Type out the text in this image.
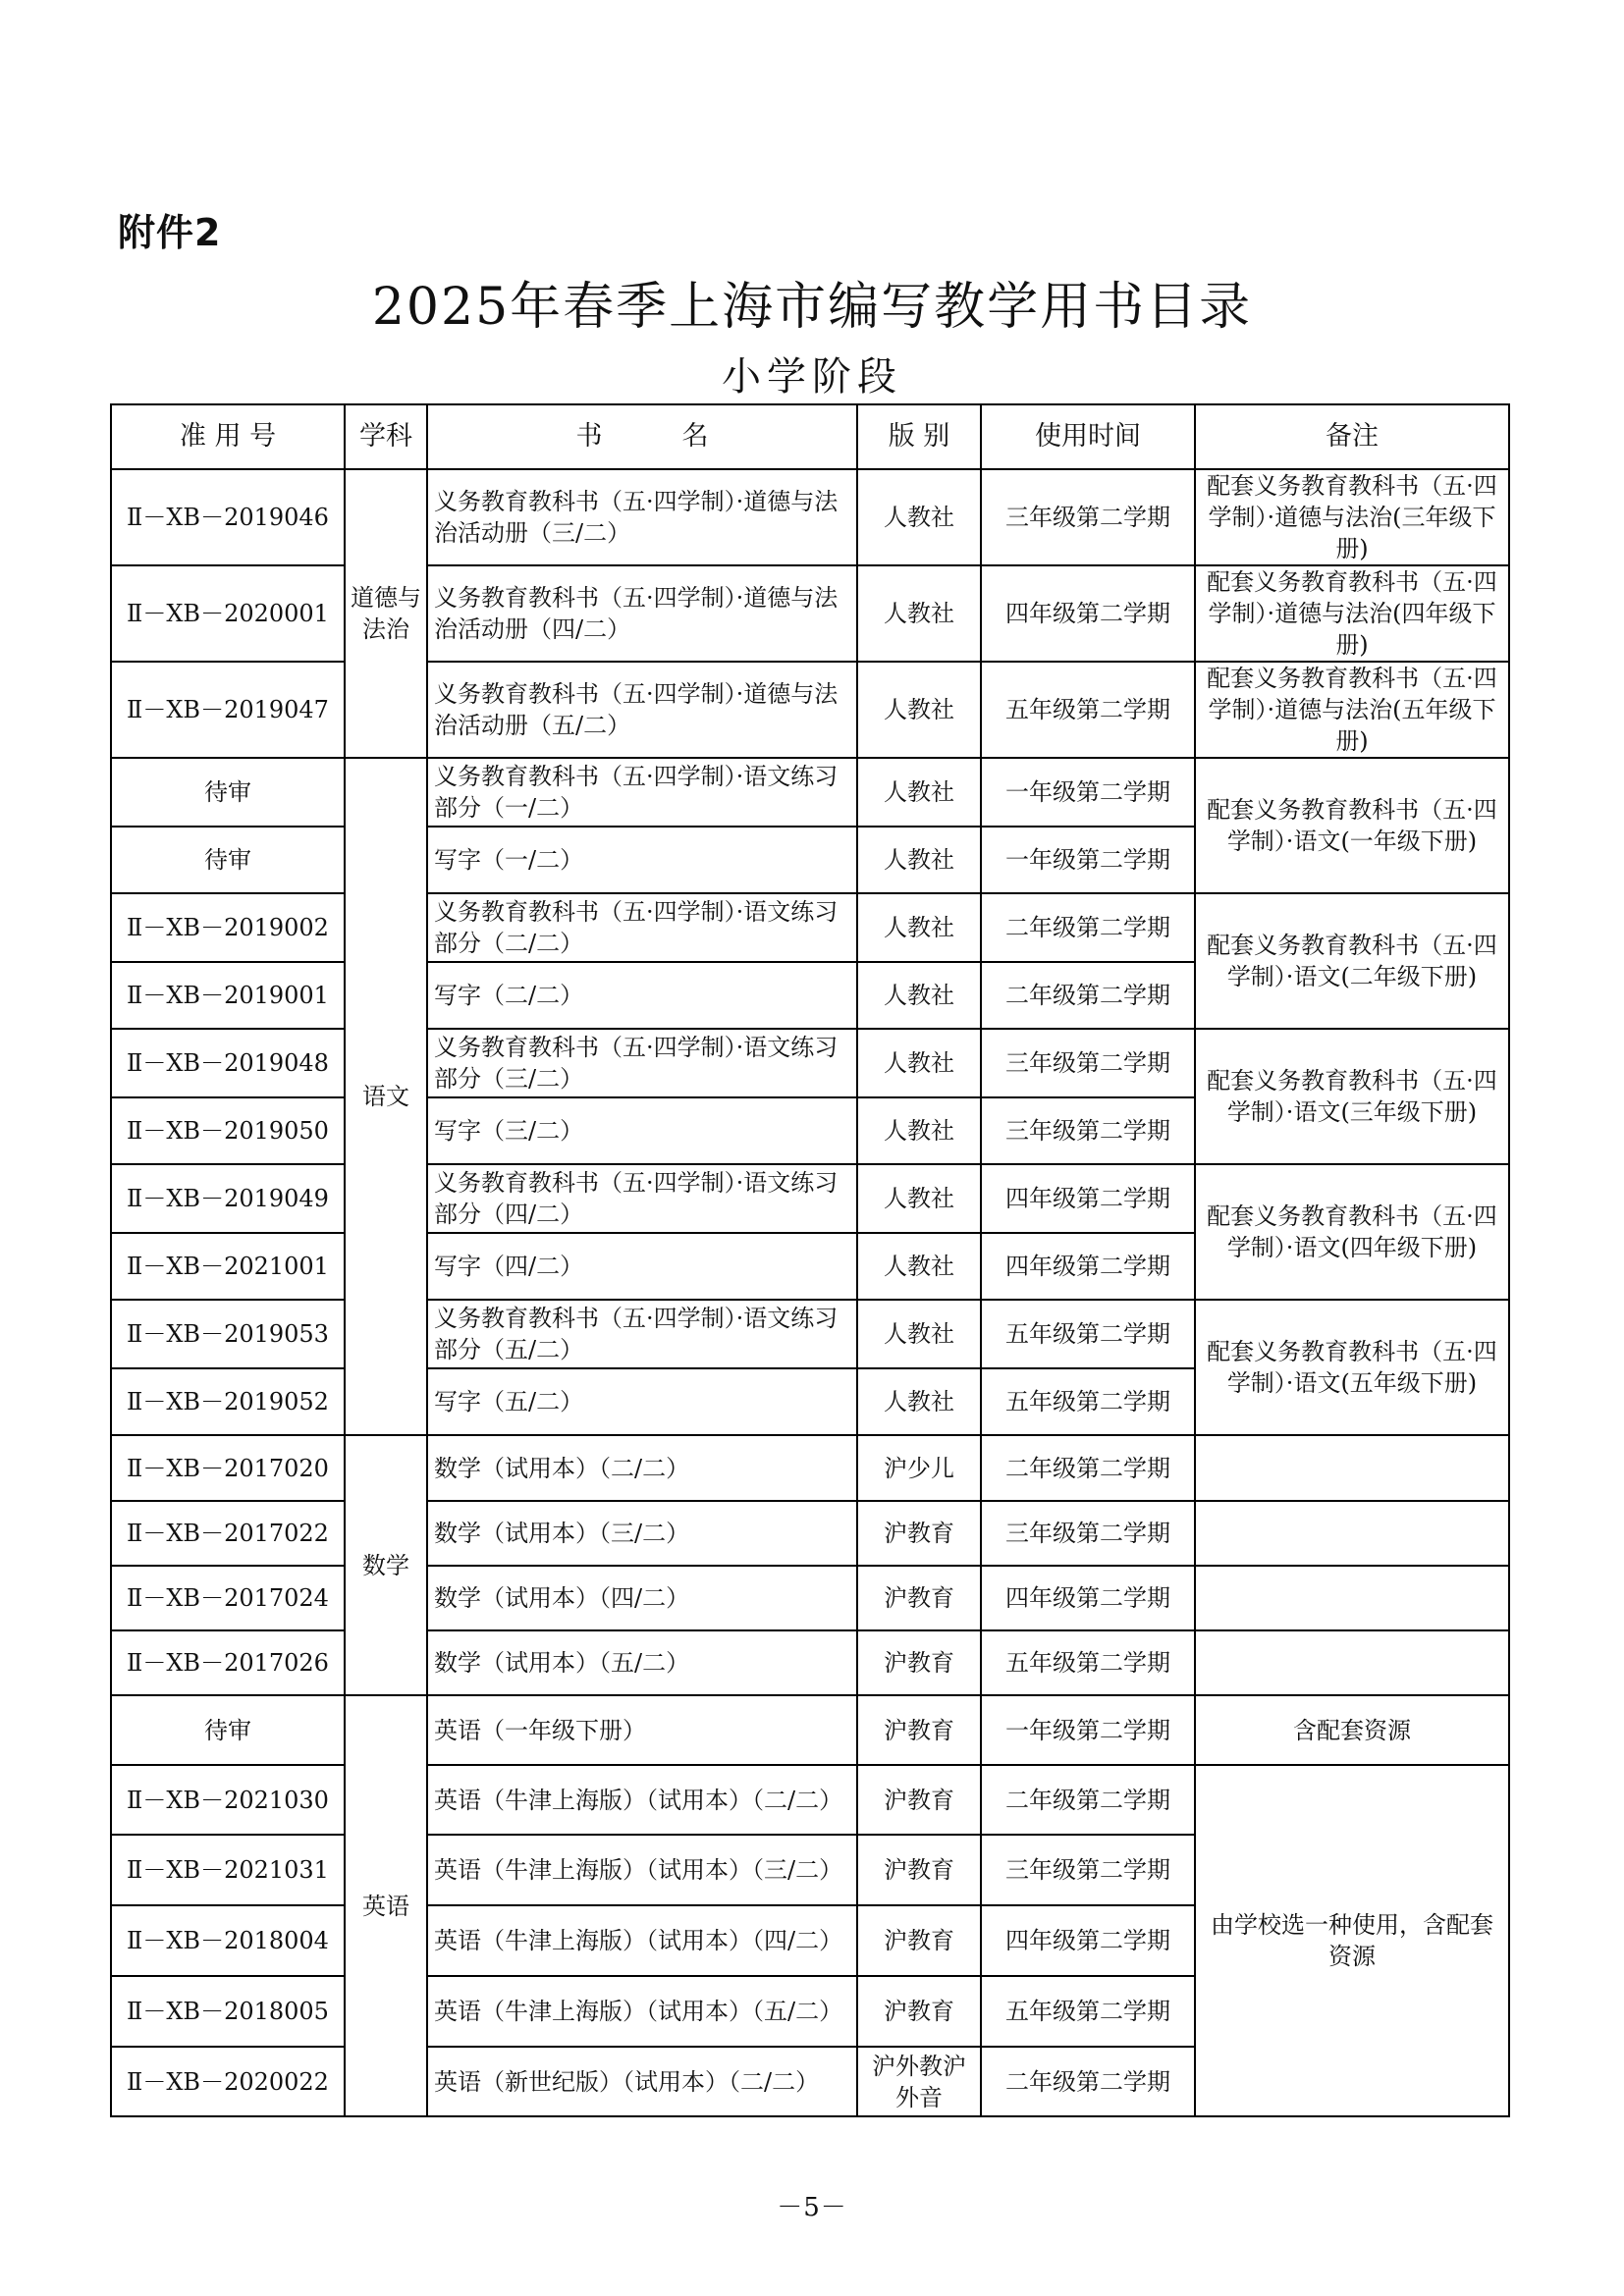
附件2
2025年春季上海市编写教学用书目录
小学阶段
准 用 号	学科	书　　　名	版 别	使用时间	备注
Ⅱ－XB－2019046	道德与法治	义务教育教科书（五·四学制）·道德与法治活动册（三/二）	人教社	三年级第二学期	配套义务教育教科书（五·四学制）·道德与法治(三年级下册)
Ⅱ－XB－2020001		义务教育教科书（五·四学制）·道德与法治活动册（四/二）	人教社	四年级第二学期	配套义务教育教科书（五·四学制）·道德与法治(四年级下册)
Ⅱ－XB－2019047		义务教育教科书（五·四学制）·道德与法治活动册（五/二）	人教社	五年级第二学期	配套义务教育教科书（五·四学制）·道德与法治(五年级下册)
待审	语文	义务教育教科书（五·四学制）·语文练习部分（一/二）	人教社	一年级第二学期	配套义务教育教科书（五·四学制）·语文(一年级下册)
待审		写字（一/二）	人教社	一年级第二学期	
Ⅱ－XB－2019002		义务教育教科书（五·四学制）·语文练习部分（二/二）	人教社	二年级第二学期	配套义务教育教科书（五·四学制）·语文(二年级下册)
Ⅱ－XB－2019001		写字（二/二）	人教社	二年级第二学期	
Ⅱ－XB－2019048		义务教育教科书（五·四学制）·语文练习部分（三/二）	人教社	三年级第二学期	配套义务教育教科书（五·四学制）·语文(三年级下册)
Ⅱ－XB－2019050		写字（三/二）	人教社	三年级第二学期	
Ⅱ－XB－2019049		义务教育教科书（五·四学制）·语文练习部分（四/二）	人教社	四年级第二学期	配套义务教育教科书（五·四学制）·语文(四年级下册)
Ⅱ－XB－2021001		写字（四/二）	人教社	四年级第二学期	
Ⅱ－XB－2019053		义务教育教科书（五·四学制）·语文练习部分（五/二）	人教社	五年级第二学期	配套义务教育教科书（五·四学制）·语文(五年级下册)
Ⅱ－XB－2019052		写字（五/二）	人教社	五年级第二学期	
Ⅱ－XB－2017020	数学	数学（试用本）（二/二）	沪少儿	二年级第二学期	
Ⅱ－XB－2017022		数学（试用本）（三/二）	沪教育	三年级第二学期	
Ⅱ－XB－2017024		数学（试用本）（四/二）	沪教育	四年级第二学期	
Ⅱ－XB－2017026		数学（试用本）（五/二）	沪教育	五年级第二学期	
待审	英语	英语（一年级下册）	沪教育	一年级第二学期	含配套资源
Ⅱ－XB－2021030		英语（牛津上海版）（试用本）（二/二）	沪教育	二年级第二学期	由学校选一种使用，含配套资源
Ⅱ－XB－2021031		英语（牛津上海版）（试用本）（三/二）	沪教育	三年级第二学期	
Ⅱ－XB－2018004		英语（牛津上海版）（试用本）（四/二）	沪教育	四年级第二学期	
Ⅱ－XB－2018005		英语（牛津上海版）（试用本）（五/二）	沪教育	五年级第二学期	
Ⅱ－XB－2020022		英语（新世纪版）（试用本）（二/二）	沪外教沪外音	二年级第二学期	
－5－
